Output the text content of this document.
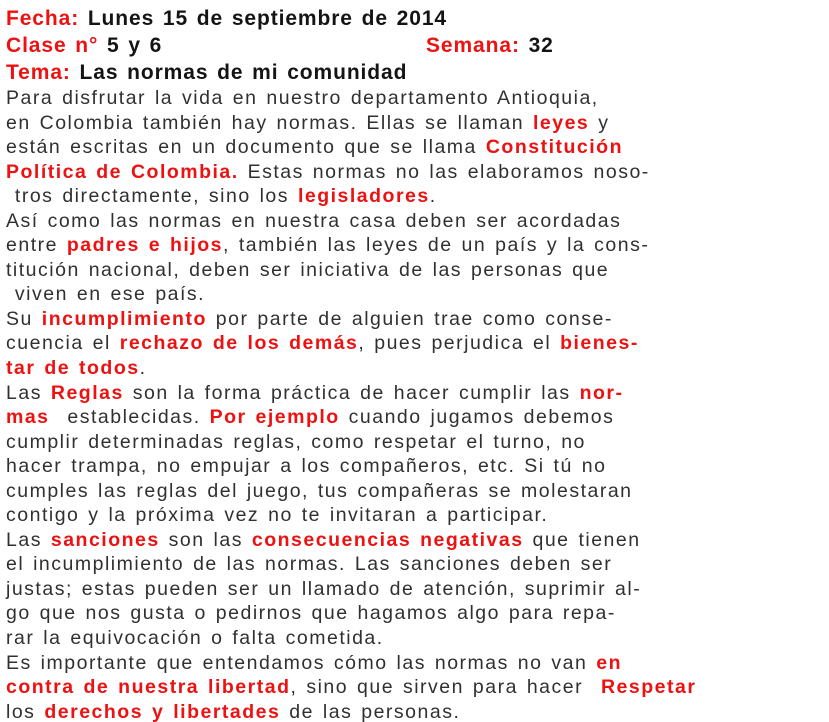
Fecha: Lunes 15 de septiembre de 2014
Clase n° 5 y 6	Semana: 32
Tema: Las normas de mi comunidad
Para disfrutar la vida en nuestro departamento Antioquia,
en Colombia también hay normas. Ellas se llaman leyes y
están escritas en un documento que se llama Constitución
Política de Colombia. Estas normas no las elaboramos noso-
tros directamente, sino los legisladores.
Así como las normas en nuestra casa deben ser acordadas
entre padres e hijos, también las leyes de un país y la cons-
titución nacional, deben ser iniciativa de las personas que
viven en ese país.
Su incumplimiento por parte de alguien trae como conse-
cuencia el rechazo de los demás, pues perjudica el bienes-
tar de todos.
Las Reglas son la forma práctica de hacer cumplir las nor-
mas  establecidas. Por ejemplo cuando jugamos debemos
cumplir determinadas reglas, como respetar el turno, no
hacer trampa, no empujar a los compañeros, etc. Si tú no
cumples las reglas del juego, tus compañeras se molestaran
contigo y la próxima vez no te invitaran a participar.
Las sanciones son las consecuencias negativas que tienen
el incumplimiento de las normas. Las sanciones deben ser
justas; estas pueden ser un llamado de atención, suprimir al-
go que nos gusta o pedirnos que hagamos algo para repa-
rar la equivocación o falta cometida.
Es importante que entendamos cómo las normas no van en
contra de nuestra libertad, sino que sirven para hacer  Respetar
los derechos y libertades de las personas.
